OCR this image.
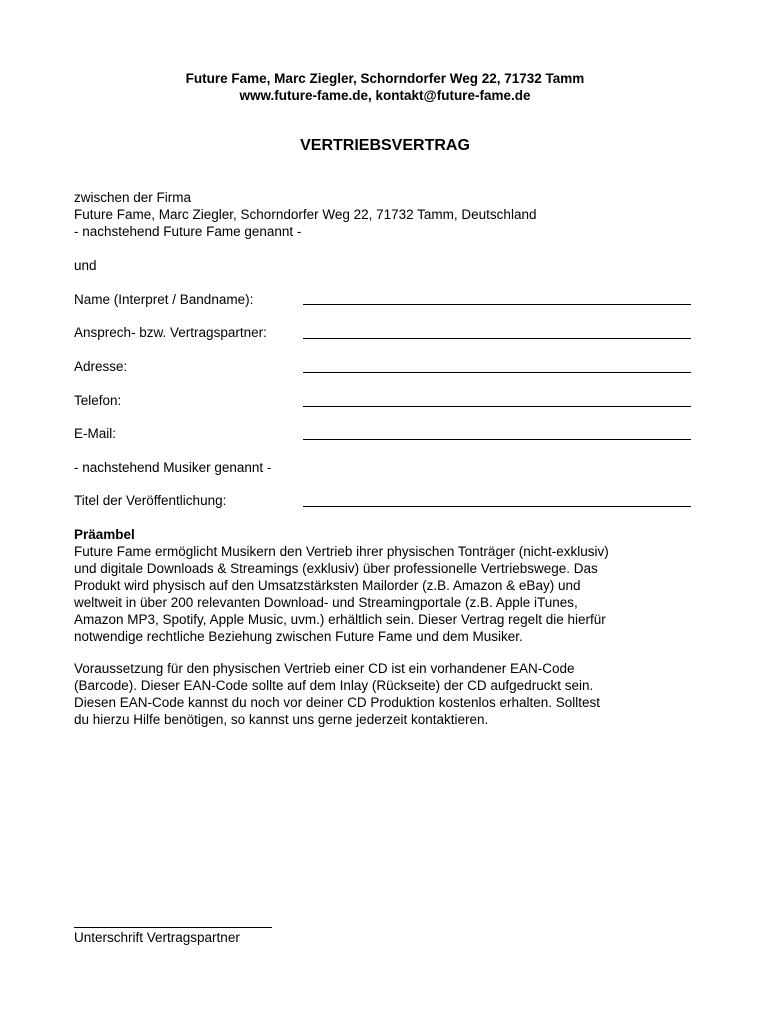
Future Fame, Marc Ziegler, Schorndorfer Weg 22, 71732 Tamm
www.future-fame.de, kontakt@future-fame.de
VERTRIEBSVERTRAG
zwischen der Firma
Future Fame, Marc Ziegler, Schorndorfer Weg 22, 71732 Tamm, Deutschland
- nachstehend Future Fame genannt -
und
Name (Interpret / Bandname):
Ansprech- bzw. Vertragspartner:
Adresse:
Telefon:
E-Mail:
- nachstehend Musiker genannt -
Titel der Veröffentlichung:
Präambel
Future Fame ermöglicht Musikern den Vertrieb ihrer physischen Tonträger (nicht-exklusiv)
und digitale Downloads & Streamings (exklusiv) über professionelle Vertriebswege. Das
Produkt wird physisch auf den Umsatzstärksten Mailorder (z.B. Amazon & eBay) und
weltweit in über 200 relevanten Download- und Streamingportale (z.B. Apple iTunes,
Amazon MP3, Spotify, Apple Music, uvm.) erhältlich sein. Dieser Vertrag regelt die hierfür
notwendige rechtliche Beziehung zwischen Future Fame und dem Musiker.
Voraussetzung für den physischen Vertrieb einer CD ist ein vorhandener EAN-Code
(Barcode). Dieser EAN-Code sollte auf dem Inlay (Rückseite) der CD aufgedruckt sein.
Diesen EAN-Code kannst du noch vor deiner CD Produktion kostenlos erhalten. Solltest
du hierzu Hilfe benötigen, so kannst uns gerne jederzeit kontaktieren.
Unterschrift Vertragspartner
